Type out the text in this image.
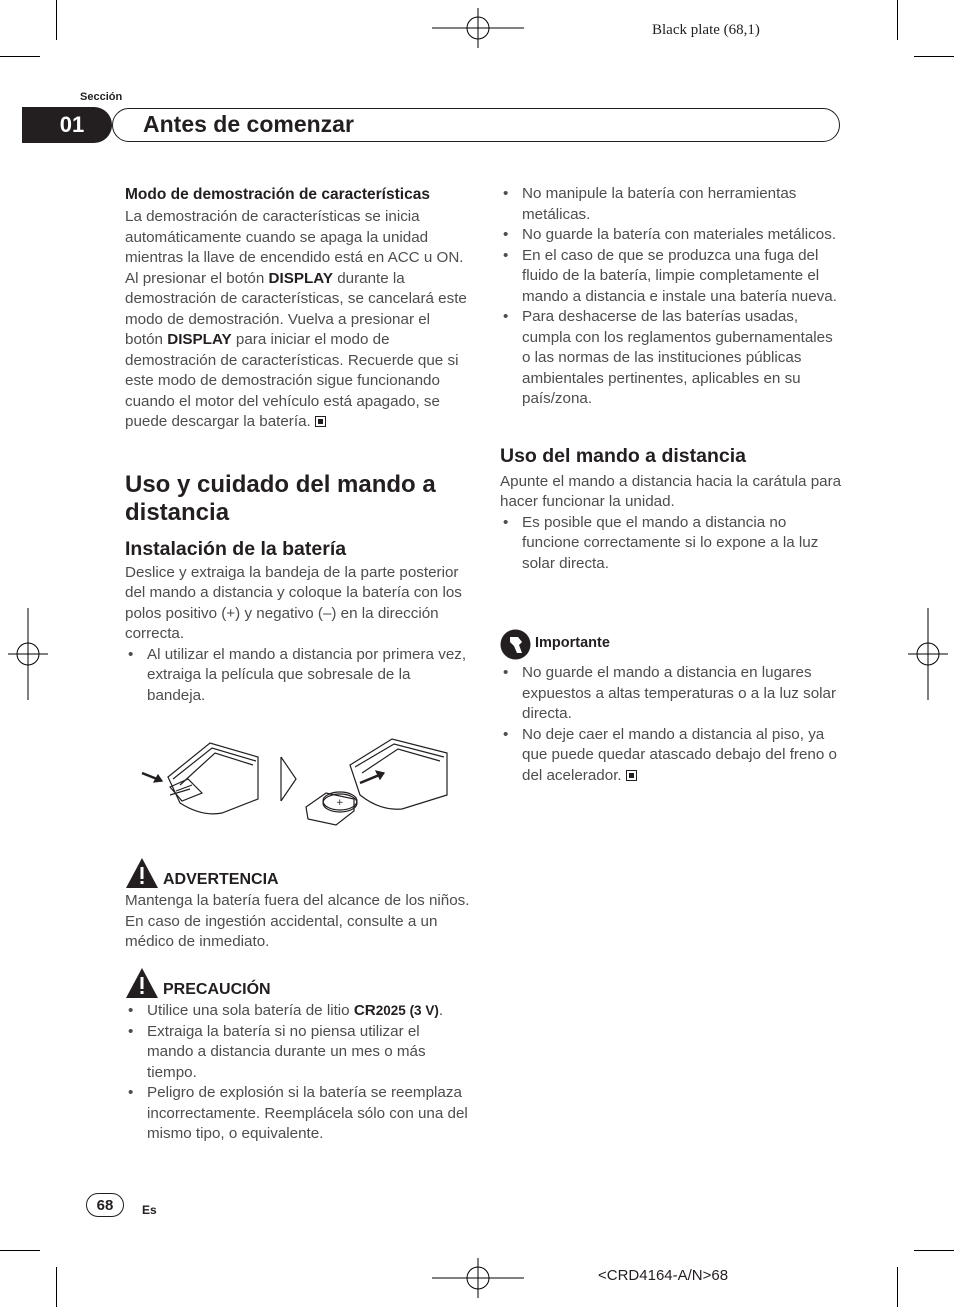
Black plate (68,1)
Sección
01	Antes de comenzar
Modo de demostración de características

La demostración de características se inicia automáticamente cuando se apaga la unidad mientras la llave de encendido está en ACC u ON. Al presionar el botón DISPLAY durante la demostración de características, se cancelará este modo de demostración. Vuelva a presionar el botón DISPLAY para iniciar el modo de demostración de características. Recuerde que si este modo de demostración sigue funcionando cuando el motor del vehículo está apagado, se puede descargar la batería.

Uso y cuidado del mando a distancia
Instalación de la batería

Deslice y extraiga la bandeja de la parte posterior del mando a distancia y coloque la batería con los polos positivo (+) y negativo (–) en la dirección correcta.

• Al utilizar el mando a distancia por primera vez, extraiga la película que sobresale de la bandeja.
+
ADVERTENCIA

Mantenga la batería fuera del alcance de los niños. En caso de ingestión accidental, consulte a un médico de inmediato.

PRECAUCIÓN
• Utilice una sola batería de litio CR2025 (3 V).
• Extraiga la batería si no piensa utilizar el mando a distancia durante un mes o más tiempo.
• Peligro de explosión si la batería se reemplaza incorrectamente. Reemplácela sólo con una del mismo tipo, o equivalente.
• No manipule la batería con herramientas metálicas.
• No guarde la batería con materiales metálicos.
• En el caso de que se produzca una fuga del fluido de la batería, limpie completamente el mando a distancia e instale una batería nueva.
• Para deshacerse de las baterías usadas, cumpla con los reglamentos gubernamentales o las normas de las instituciones públicas ambientales pertinentes, aplicables en su país/zona.
Uso del mando a distancia

Apunte el mando a distancia hacia la carátula para hacer funcionar la unidad.

• Es posible que el mando a distancia no funcione correctamente si lo expone a la luz solar directa.
Importante
• No guarde el mando a distancia en lugares expuestos a altas temperaturas o a la luz solar directa.
• No deje caer el mando a distancia al piso, ya que puede quedar atascado debajo del freno o del acelerador.
68	Es
<CRD4164-A/N>68
